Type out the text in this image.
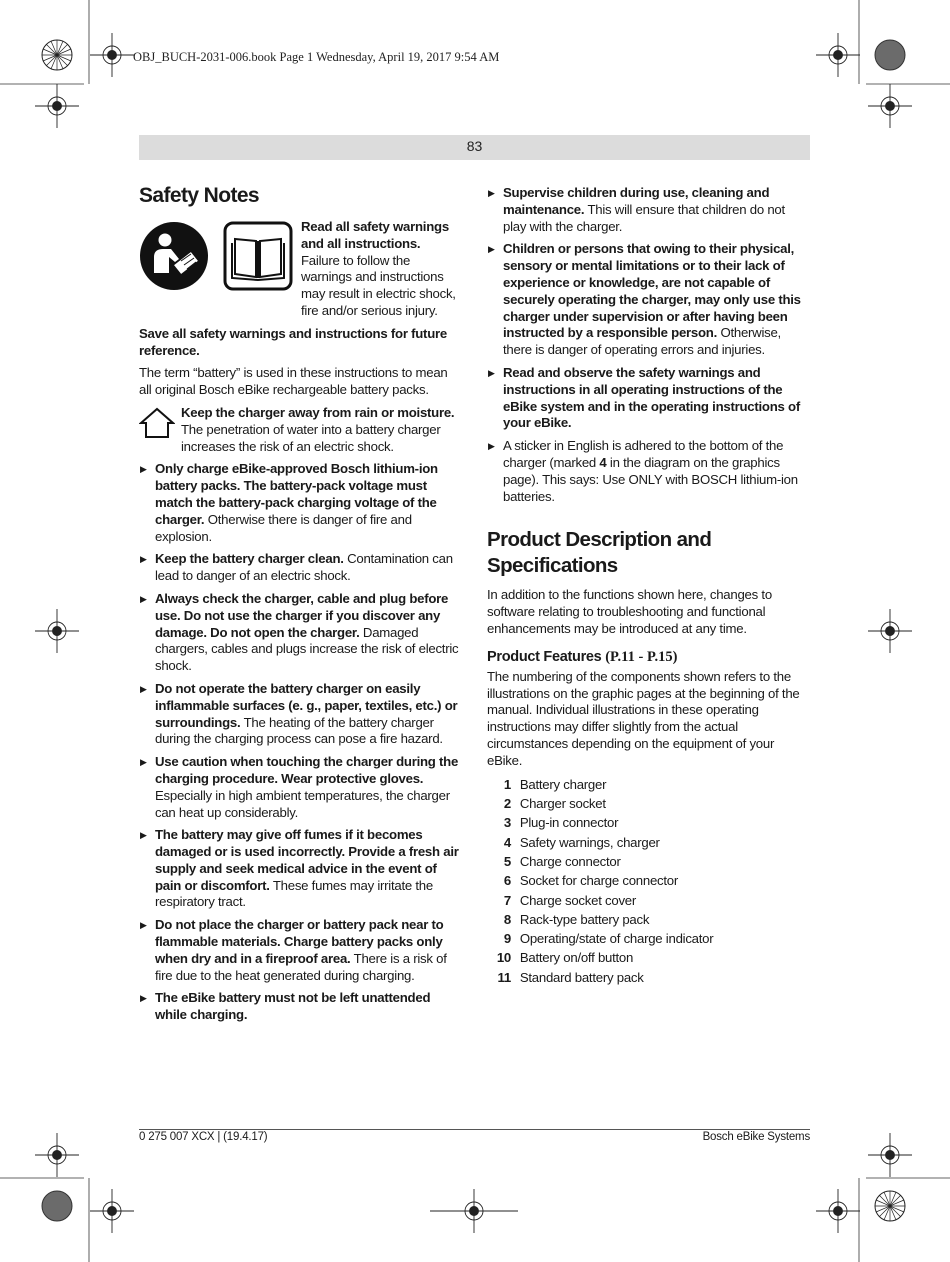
OBJ_BUCH-2031-006.book Page 1 Wednesday, April 19, 2017 9:54 AM
83
Safety Notes
Read all safety warnings and all instructions. Failure to follow the warnings and instructions may result in electric shock, fire and/or serious injury.

Save all safety warnings and instructions for future reference.

The term “battery” is used in these instructions to mean all original Bosch eBike rechargeable battery packs.

Keep the charger away from rain or moisture. The penetration of water into a battery charger increases the risk of an electric shock.
▶ Only charge eBike-approved Bosch lithium-ion battery packs. The battery-pack voltage must match the battery-pack charging voltage of the charger. Otherwise there is danger of fire and explosion.
▶ Keep the battery charger clean. Contamination can lead to danger of an electric shock.
▶ Always check the charger, cable and plug before use. Do not use the charger if you discover any damage. Do not open the charger. Damaged chargers, cables and plugs increase the risk of electric shock.
▶ Do not operate the battery charger on easily inflammable surfaces (e. g., paper, textiles, etc.) or surroundings. The heating of the battery charger during the charging process can pose a fire hazard.
▶ Use caution when touching the charger during the charging procedure. Wear protective gloves. Especially in high ambient temperatures, the charger can heat up considerably.
▶ The battery may give off fumes if it becomes damaged or is used incorrectly. Provide a fresh air supply and seek medical advice in the event of pain or discomfort. These fumes may irritate the respiratory tract.
▶ Do not place the charger or battery pack near to flammable materials. Charge battery packs only when dry and in a fireproof area. There is a risk of fire due to the heat generated during charging.
▶ The eBike battery must not be left unattended while charging.
▶ Supervise children during use, cleaning and maintenance. This will ensure that children do not play with the charger.
▶ Children or persons that owing to their physical, sensory or mental limitations or to their lack of experience or knowledge, are not capable of securely operating the charger, may only use this charger under supervision or after having been instructed by a responsible person. Otherwise, there is danger of operating errors and injuries.
▶ Read and observe the safety warnings and instructions in all operating instructions of the eBike system and in the operating instructions of your eBike.
▶ A sticker in English is adhered to the bottom of the charger (marked 4 in the diagram on the graphics page). This says: Use ONLY with BOSCH lithium-ion batteries.
Product Description and Specifications

In addition to the functions shown here, changes to software relating to troubleshooting and functional enhancements may be introduced at any time.

Product Features (P.11 - P.15)

The numbering of the components shown refers to the illustrations on the graphic pages at the beginning of the manual. Individual illustrations in these operating instructions may differ slightly from the actual circumstances depending on the equipment of your eBike.

1
Battery charger
2
Charger socket
3
Plug-in connector
4
Safety warnings, charger
5
Charge connector
6
Socket for charge connector
7
Charge socket cover
8
Rack-type battery pack
9
Operating/state of charge indicator
10
Battery on/off button
11
Standard battery pack
0 275 007 XCX | (19.4.17)	Bosch eBike Systems
